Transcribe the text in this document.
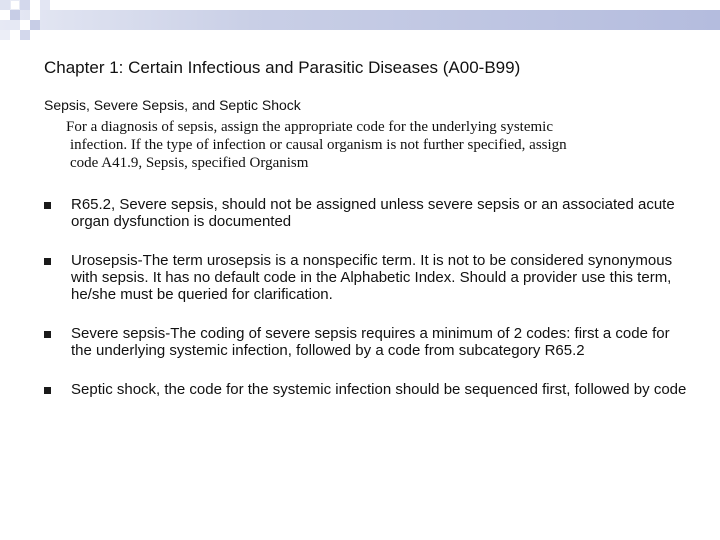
Chapter 1: Certain Infectious and Parasitic Diseases (A00-B99)
Sepsis, Severe Sepsis, and Septic Shock

For a diagnosis of sepsis, assign the appropriate code for the underlying systemic

infection. If the type of infection or causal organism is not further specified, assign
code A41.9, Sepsis, specified Organism

R65.2, Severe sepsis, should not be assigned unless severe sepsis or an associated acute organ dysfunction is documented
Urosepsis-The term urosepsis is a nonspecific term. It is not to be considered synonymous with sepsis. It has no default code in the Alphabetic Index. Should a provider use this term, he/she must be queried for clarification.
Severe sepsis-The coding of severe sepsis requires a minimum of 2 codes: first a code for the underlying systemic infection, followed by a code from subcategory R65.2
Septic shock, the code for the systemic infection should be sequenced first, followed by code
